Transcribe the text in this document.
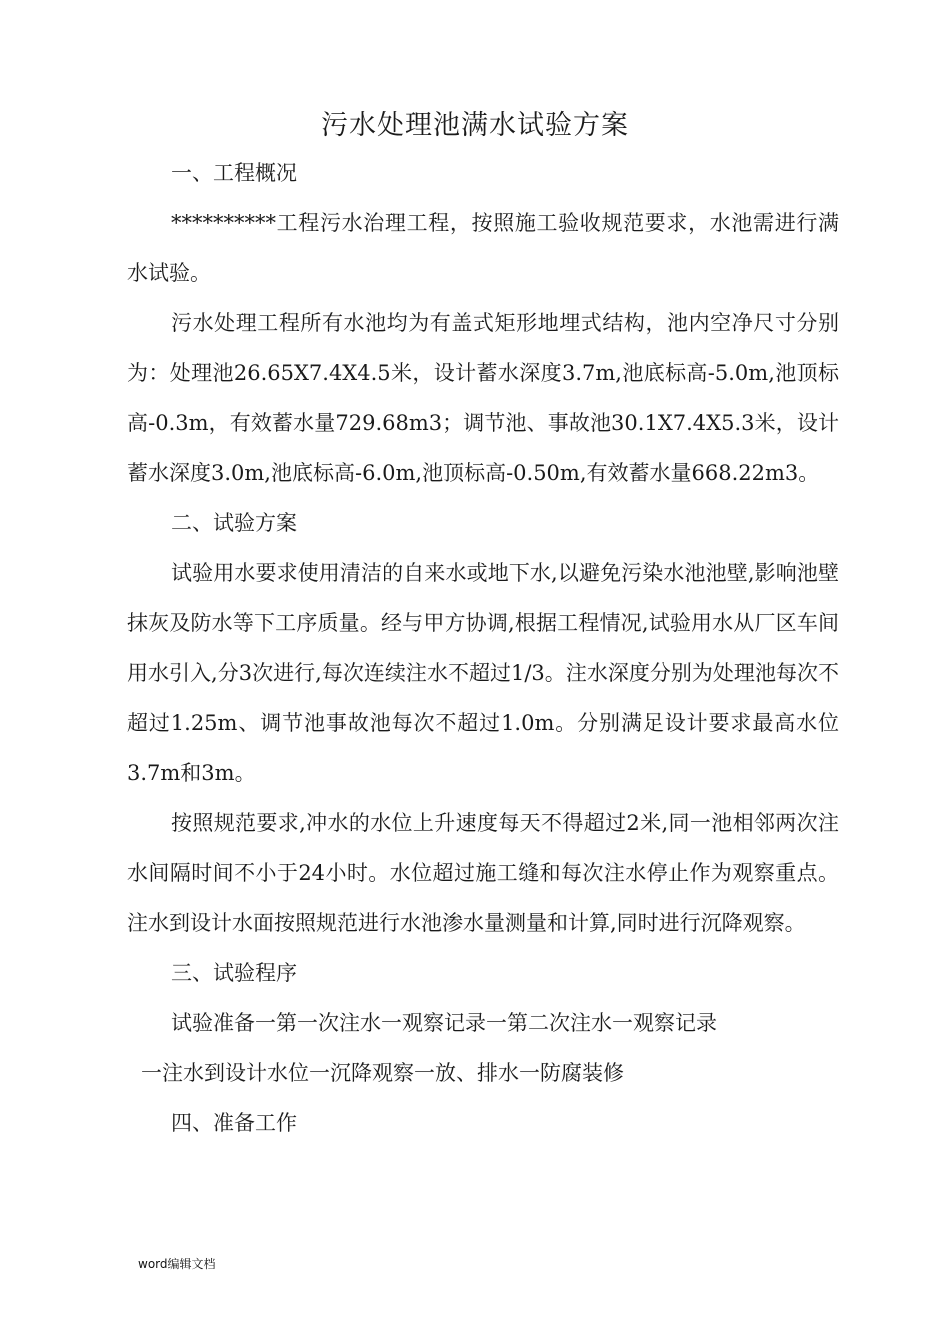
污水处理池满水试验方案

一、工程概况

**********工程污水治理工程，按照施工验收规范要求，水池需进行满水试验。

污水处理工程所有水池均为有盖式矩形地埋式结构，池内空净尺寸分别为：处理池26.65X7.4X4.5米，设计蓄水深度3.7m,池底标高-5.0m,池顶标高-0.3m，有效蓄水量729.68m3；调节池、事故池30.1X7.4X5.3米，设计蓄水深度3.0m,池底标高-6.0m,池顶标高-0.50m,有效蓄水量668.22m3。

二、试验方案

试验用水要求使用清洁的自来水或地下水,以避免污染水池池壁,影响池壁抹灰及防水等下工序质量。经与甲方协调,根据工程情况,试验用水从厂区车间用水引入,分3次进行,每次连续注水不超过1/3。注水深度分别为处理池每次不超过1.25m、调节池事故池每次不超过1.0m。分别满足设计要求最高水位3.7m和3m。

按照规范要求,冲水的水位上升速度每天不得超过2米,同一池相邻两次注水间隔时间不小于24小时。水位超过施工缝和每次注水停止作为观察重点。注水到设计水面按照规范进行水池渗水量测量和计算,同时进行沉降观察。

三、试验程序

试验准备一第一次注水一观察记录一第二次注水一观察记录

一注水到设计水位一沉降观察一放、排水一防腐装修

四、准备工作

word编辑文档
